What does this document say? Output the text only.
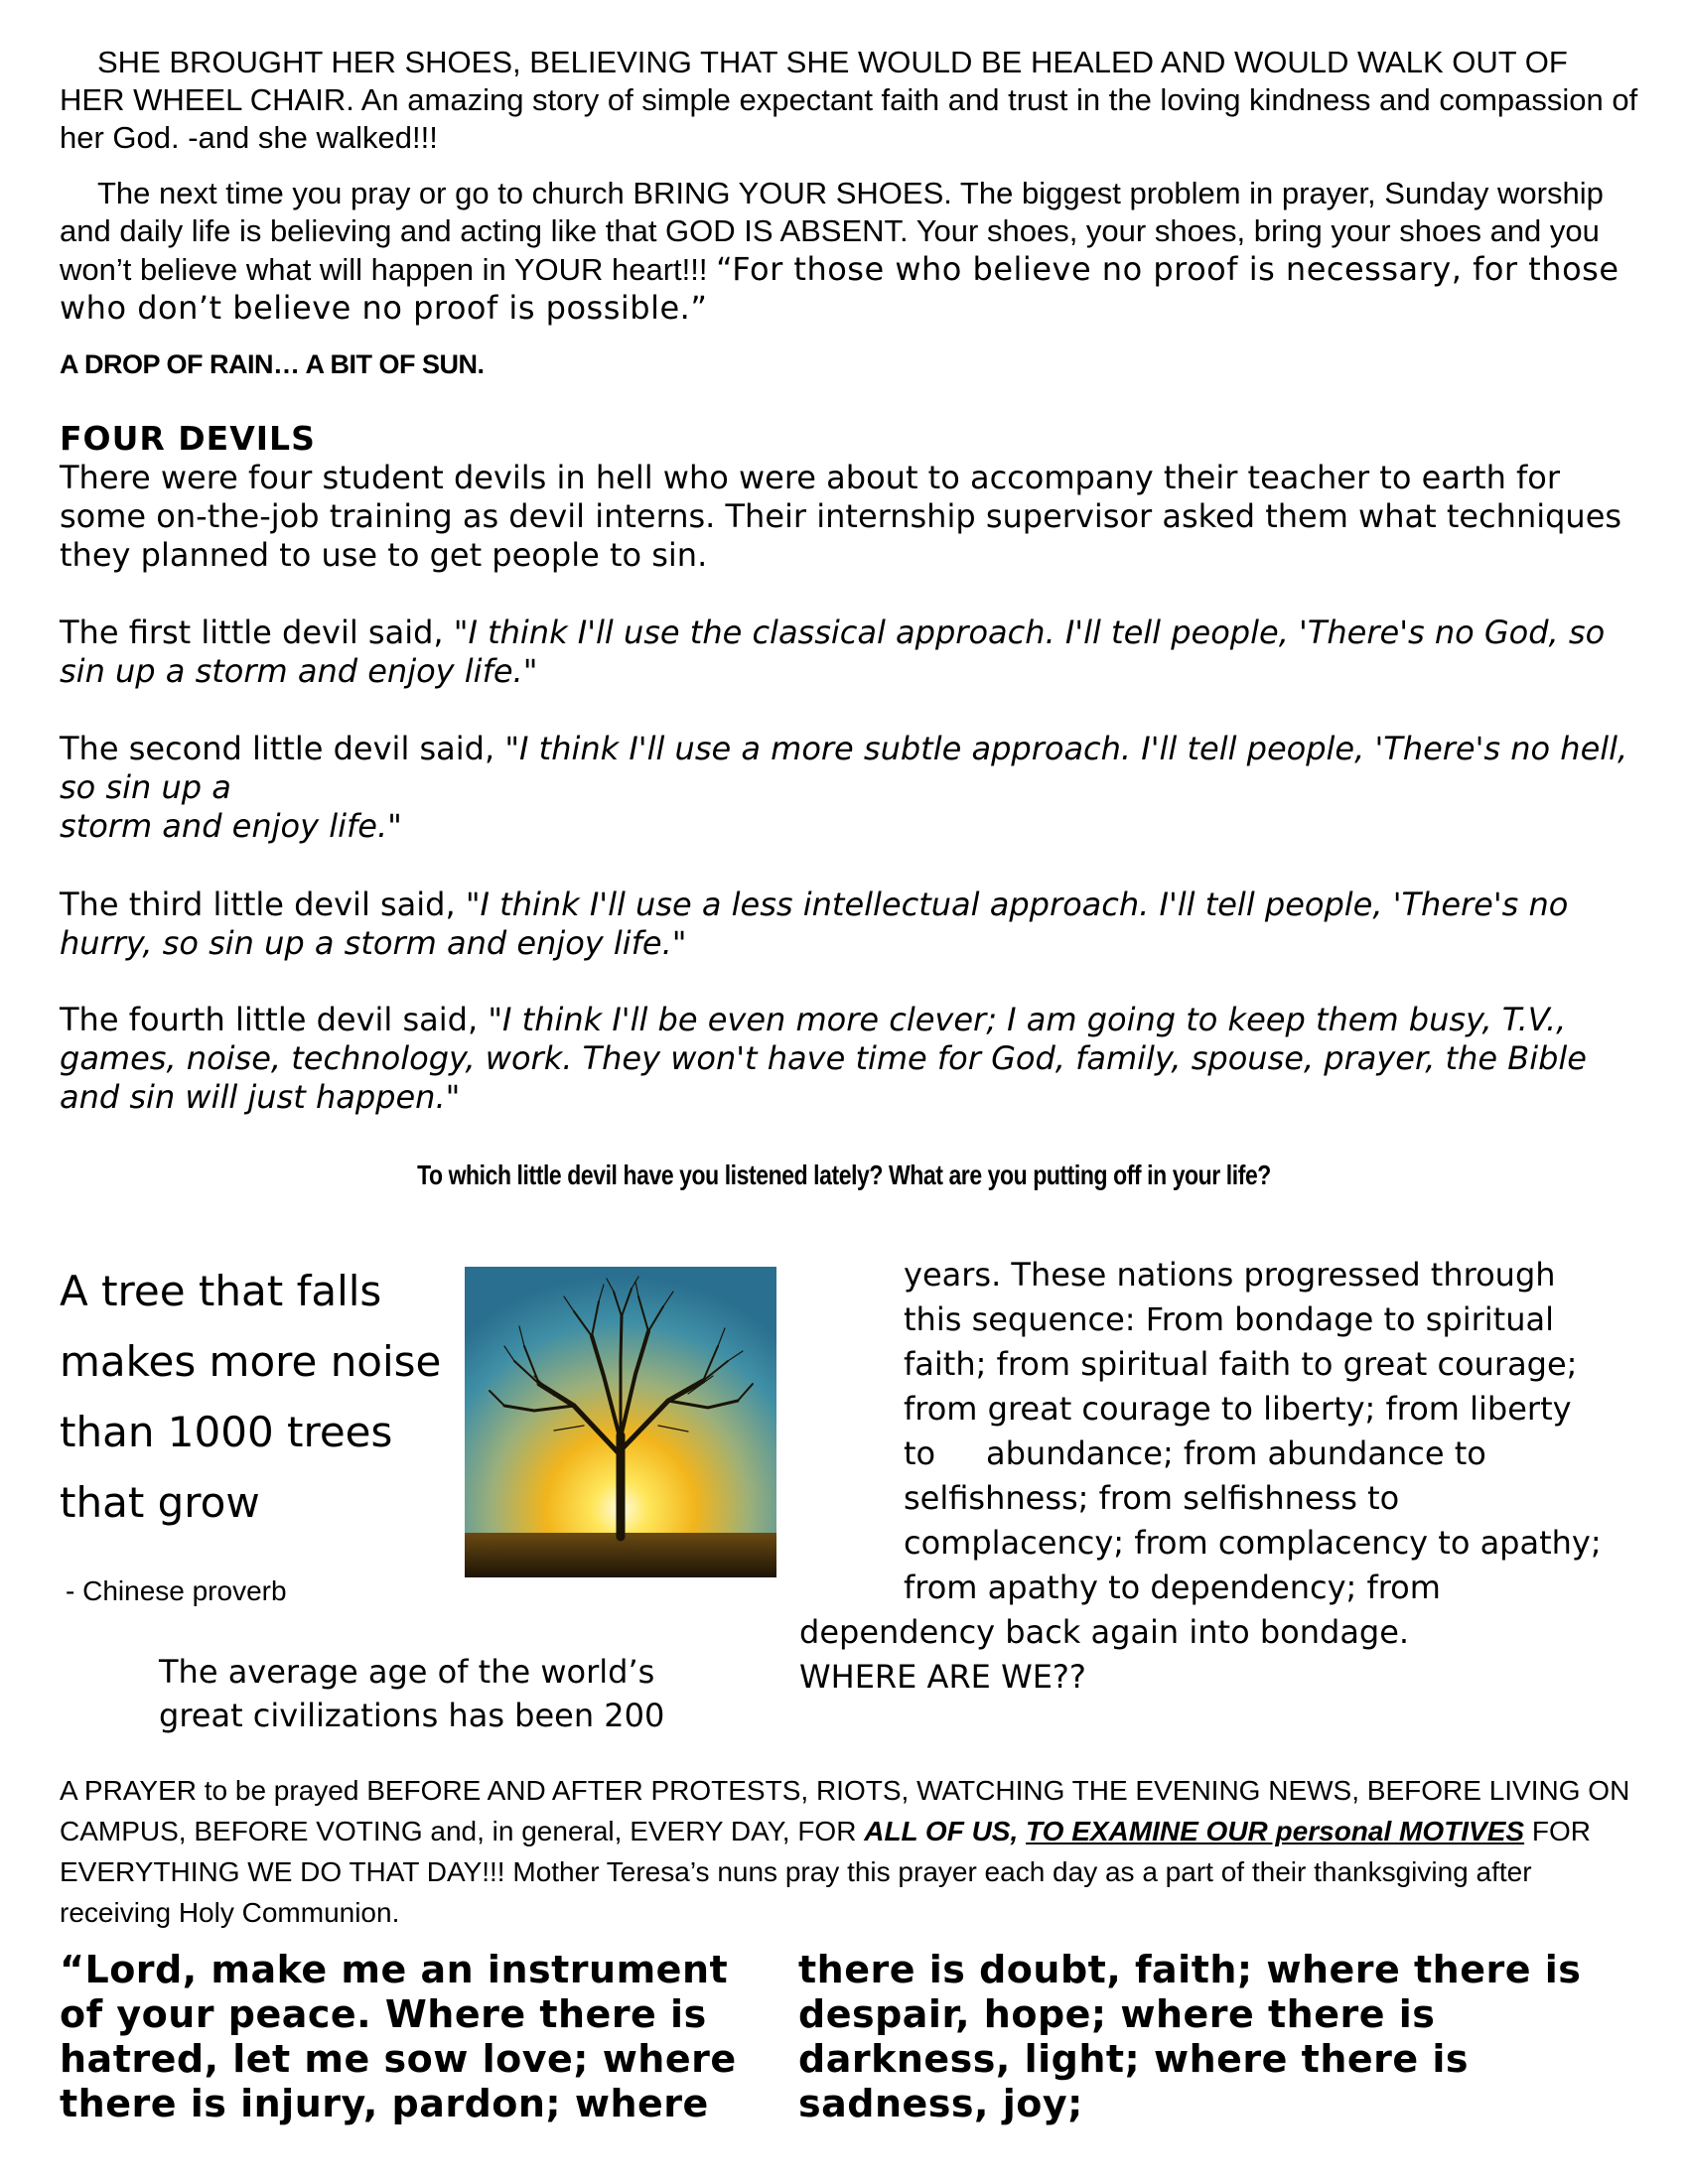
SHE BROUGHT HER SHOES, BELIEVING THAT SHE WOULD BE HEALED AND WOULD WALK OUT OF HER WHEEL CHAIR. An amazing story of simple expectant faith and trust in the loving kindness and compassion of her God. -and she walked!!!

The next time you pray or go to church BRING YOUR SHOES. The biggest problem in prayer, Sunday worship and daily life is believing and acting like that GOD IS ABSENT. Your shoes, your shoes, bring your shoes and you won’t believe what will happen in YOUR heart!!! “For those who believe no proof is necessary, for those who don’t believe no proof is possible.”

A DROP OF RAIN… A BIT OF SUN.
FOUR DEVILS

There were four student devils in hell who were about to accompany their teacher to earth for some on-the-job training as devil interns. Their internship supervisor asked them what techniques they planned to use to get people to sin.

The first little devil said, "I think I'll use the classical approach. I'll tell people, 'There's no God, so sin up a storm and enjoy life."

The second little devil said, "I think I'll use a more subtle approach. I'll tell people, 'There's no hell, so sin up a
storm and enjoy life."

The third little devil said, "I think I'll use a less intellectual approach. I'll tell people, 'There's no hurry, so sin up a storm and enjoy life."

The fourth little devil said, "I think I'll be even more clever; I am going to keep them busy, T.V., games, noise, technology, work. They won't have time for God, family, spouse, prayer, the Bible and sin will just happen."

To which little devil have you listened lately? What are you putting off in your life?
A tree that falls
makes more noise
than 1000 trees
that grow
- Chinese proverb
The average age of the world’s
great civilizations has been 200
years. These nations progressed through
this sequence: From bondage to spiritual
faith; from spiritual faith to great courage;
from great courage to liberty; from liberty
to     abundance; from abundance to
selfishness; from selfishness to
complacency; from complacency to apathy;
from apathy to dependency; from
dependency back again into bondage. WHERE ARE WE??

A PRAYER to be prayed BEFORE AND AFTER PROTESTS, RIOTS, WATCHING THE EVENING NEWS, BEFORE LIVING ON CAMPUS, BEFORE VOTING and, in general, EVERY DAY, FOR ALL OF US, TO EXAMINE OUR personal MOTIVES FOR EVERYTHING WE DO THAT DAY!!! Mother Teresa’s nuns pray this prayer each day as a part of their thanksgiving after receiving Holy Communion.

“Lord, make me an instrument of your peace. Where there is hatred, let me sow love; where there is injury, pardon; where

there is doubt, faith; where there is despair, hope; where there is darkness, light; where there is sadness, joy;
